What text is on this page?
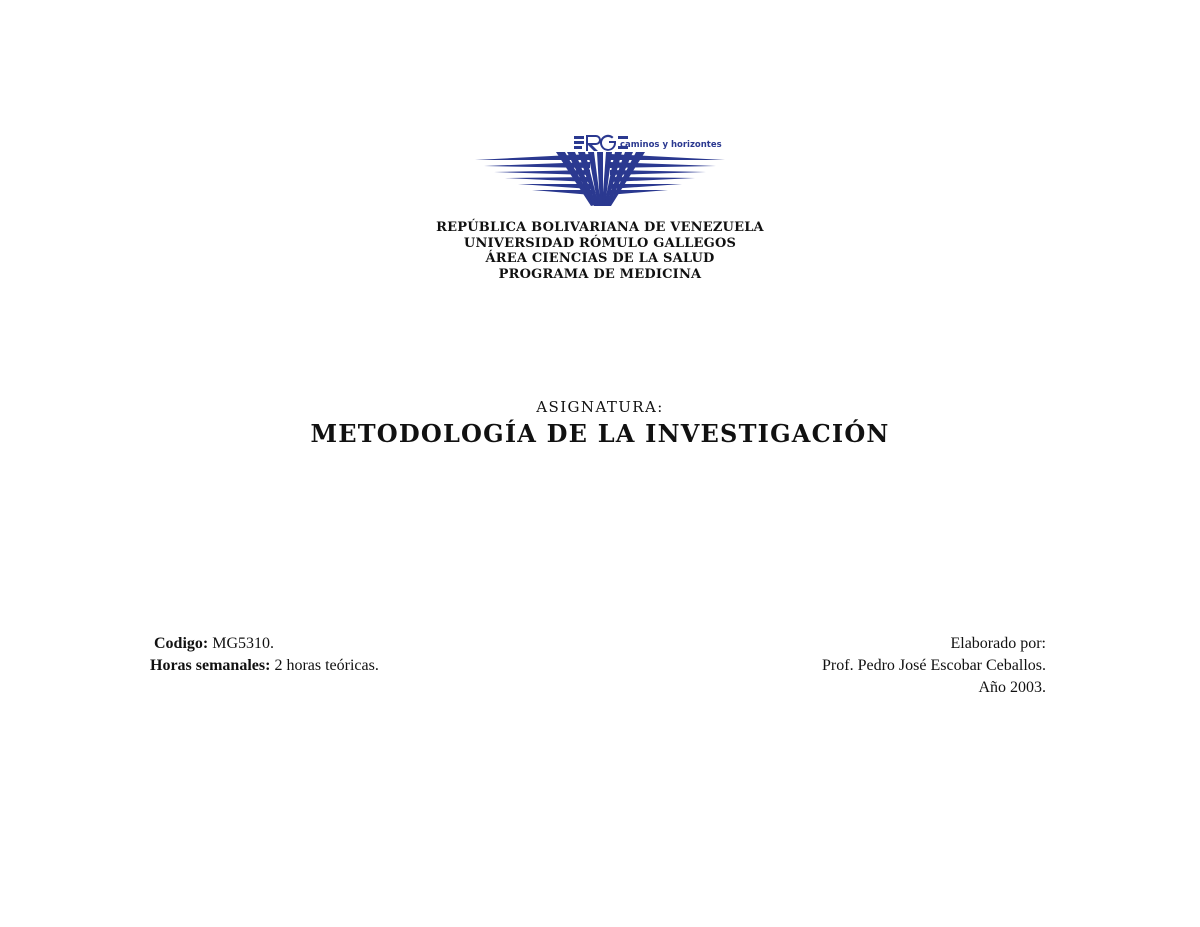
caminos y horizontes
REPÚBLICA BOLIVARIANA DE VENEZUELA
UNIVERSIDAD RÓMULO GALLEGOS
ÁREA CIENCIAS DE LA SALUD
PROGRAMA DE MEDICINA
ASIGNATURA:
METODOLOGÍA DE LA INVESTIGACIÓN
Codigo: MG5310.
Horas semanales: 2 horas teóricas.
Elaborado por:
Prof. Pedro José Escobar Ceballos.
Año 2003.
